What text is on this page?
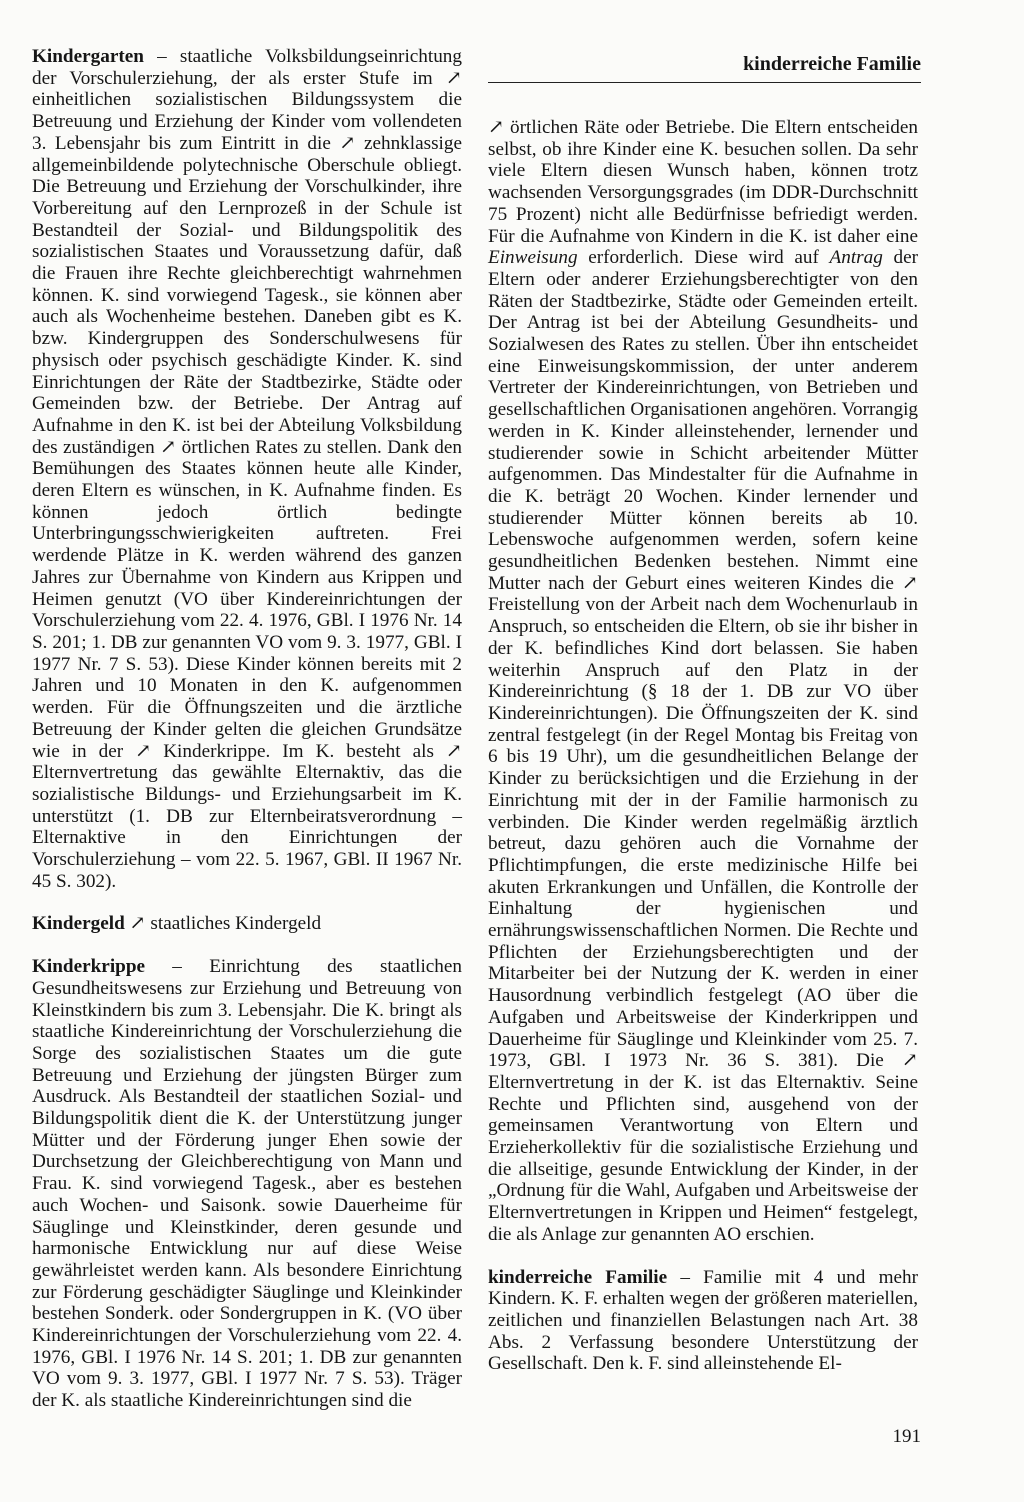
kinderreiche Familie
Kindergarten – staatliche Volksbildungseinrichtung der Vorschulerziehung, der als erster Stufe im ↗ einheitlichen sozialistischen Bildungssystem die Betreuung und Erziehung der Kinder vom vollendeten 3. Lebensjahr bis zum Eintritt in die ↗ zehnklassige allgemeinbildende polytechnische Oberschule obliegt. Die Betreuung und Erziehung der Vorschulkinder, ihre Vorbereitung auf den Lernprozeß in der Schule ist Bestandteil der Sozial- und Bildungspolitik des sozialistischen Staates und Voraussetzung dafür, daß die Frauen ihre Rechte gleichberechtigt wahrnehmen können. K. sind vorwiegend Tagesk., sie können aber auch als Wochenheime bestehen. Daneben gibt es K. bzw. Kindergruppen des Sonderschulwesens für physisch oder psychisch geschädigte Kinder. K. sind Einrichtungen der Räte der Stadtbezirke, Städte oder Gemeinden bzw. der Betriebe. Der Antrag auf Aufnahme in den K. ist bei der Abteilung Volksbildung des zuständigen ↗ örtlichen Rates zu stellen. Dank den Bemühungen des Staates können heute alle Kinder, deren Eltern es wünschen, in K. Aufnahme finden. Es können jedoch örtlich bedingte Unterbringungsschwierigkeiten auftreten. Frei werdende Plätze in K. werden während des ganzen Jahres zur Übernahme von Kindern aus Krippen und Heimen genutzt (VO über Kindereinrichtungen der Vorschulerziehung vom 22. 4. 1976, GBl. I 1976 Nr. 14 S. 201; 1. DB zur genannten VO vom 9. 3. 1977, GBl. I 1977 Nr. 7 S. 53). Diese Kinder können bereits mit 2 Jahren und 10 Monaten in den K. aufgenommen werden. Für die Öffnungszeiten und die ärztliche Betreuung der Kinder gelten die gleichen Grundsätze wie in der ↗ Kinderkrippe. Im K. besteht als ↗ Elternvertretung das gewählte Elternaktiv, das die sozialistische Bildungs- und Erziehungsarbeit im K. unterstützt (1. DB zur Elternbeiratsverordnung – Elternaktive in den Einrichtungen der Vorschulerziehung – vom 22. 5. 1967, GBl. II 1967 Nr. 45 S. 302).
Kindergeld ↗ staatliches Kindergeld
Kinderkrippe – Einrichtung des staatlichen Gesundheitswesens zur Erziehung und Betreuung von Kleinstkindern bis zum 3. Lebensjahr. Die K. bringt als staatliche Kindereinrichtung der Vorschulerziehung die Sorge des sozialistischen Staates um die gute Betreuung und Erziehung der jüngsten Bürger zum Ausdruck. Als Bestandteil der staatlichen Sozial- und Bildungspolitik dient die K. der Unterstützung junger Mütter und der Förderung junger Ehen sowie der Durchsetzung der Gleichberechtigung von Mann und Frau. K. sind vorwiegend Tagesk., aber es bestehen auch Wochen- und Saisonk. sowie Dauerheime für Säuglinge und Kleinstkinder, deren gesunde und harmonische Entwicklung nur auf diese Weise gewährleistet werden kann. Als besondere Einrichtung zur Förderung geschädigter Säuglinge und Kleinkinder bestehen Sonderk. oder Sondergruppen in K. (VO über Kindereinrichtungen der Vorschulerziehung vom 22. 4. 1976, GBl. I 1976 Nr. 14 S. 201; 1. DB zur genannten VO vom 9. 3. 1977, GBl. I 1977 Nr. 7 S. 53). Träger der K. als staatliche Kindereinrichtungen sind die
↗ örtlichen Räte oder Betriebe. Die Eltern entscheiden selbst, ob ihre Kinder eine K. besuchen sollen. Da sehr viele Eltern diesen Wunsch haben, können trotz wachsenden Versorgungsgrades (im DDR-Durchschnitt 75 Prozent) nicht alle Bedürfnisse befriedigt werden. Für die Aufnahme von Kindern in die K. ist daher eine Einweisung erforderlich. Diese wird auf Antrag der Eltern oder anderer Erziehungsberechtigter von den Räten der Stadtbezirke, Städte oder Gemeinden erteilt. Der Antrag ist bei der Abteilung Gesundheits- und Sozialwesen des Rates zu stellen. Über ihn entscheidet eine Einweisungskommission, der unter anderem Vertreter der Kindereinrichtungen, von Betrieben und gesellschaftlichen Organisationen angehören. Vorrangig werden in K. Kinder alleinstehender, lernender und studierender sowie in Schicht arbeitender Mütter aufgenommen. Das Mindestalter für die Aufnahme in die K. beträgt 20 Wochen. Kinder lernender und studierender Mütter können bereits ab 10. Lebenswoche aufgenommen werden, sofern keine gesundheitlichen Bedenken bestehen. Nimmt eine Mutter nach der Geburt eines weiteren Kindes die ↗ Freistellung von der Arbeit nach dem Wochenurlaub in Anspruch, so entscheiden die Eltern, ob sie ihr bisher in der K. befindliches Kind dort belassen. Sie haben weiterhin Anspruch auf den Platz in der Kindereinrichtung (§ 18 der 1. DB zur VO über Kindereinrichtungen). Die Öffnungszeiten der K. sind zentral festgelegt (in der Regel Montag bis Freitag von 6 bis 19 Uhr), um die gesundheitlichen Belange der Kinder zu berücksichtigen und die Erziehung in der Einrichtung mit der in der Familie harmonisch zu verbinden. Die Kinder werden regelmäßig ärztlich betreut, dazu gehören auch die Vornahme der Pflichtimpfungen, die erste medizinische Hilfe bei akuten Erkrankungen und Unfällen, die Kontrolle der Einhaltung der hygienischen und ernährungswissenschaftlichen Normen. Die Rechte und Pflichten der Erziehungsberechtigten und der Mitarbeiter bei der Nutzung der K. werden in einer Hausordnung verbindlich festgelegt (AO über die Aufgaben und Arbeitsweise der Kinderkrippen und Dauerheime für Säuglinge und Kleinkinder vom 25. 7. 1973, GBl. I 1973 Nr. 36 S. 381). Die ↗ Elternvertretung in der K. ist das Elternaktiv. Seine Rechte und Pflichten sind, ausgehend von der gemeinsamen Verantwortung von Eltern und Erzieherkollektiv für die sozialistische Erziehung und die allseitige, gesunde Entwicklung der Kinder, in der „Ordnung für die Wahl, Aufgaben und Arbeitsweise der Elternvertretungen in Krippen und Heimen“ festgelegt, die als Anlage zur genannten AO erschien.
kinderreiche Familie – Familie mit 4 und mehr Kindern. K. F. erhalten wegen der größeren materiellen, zeitlichen und finanziellen Belastungen nach Art. 38 Abs. 2 Verfassung besondere Unterstützung der Gesellschaft. Den k. F. sind alleinstehende El-
191
